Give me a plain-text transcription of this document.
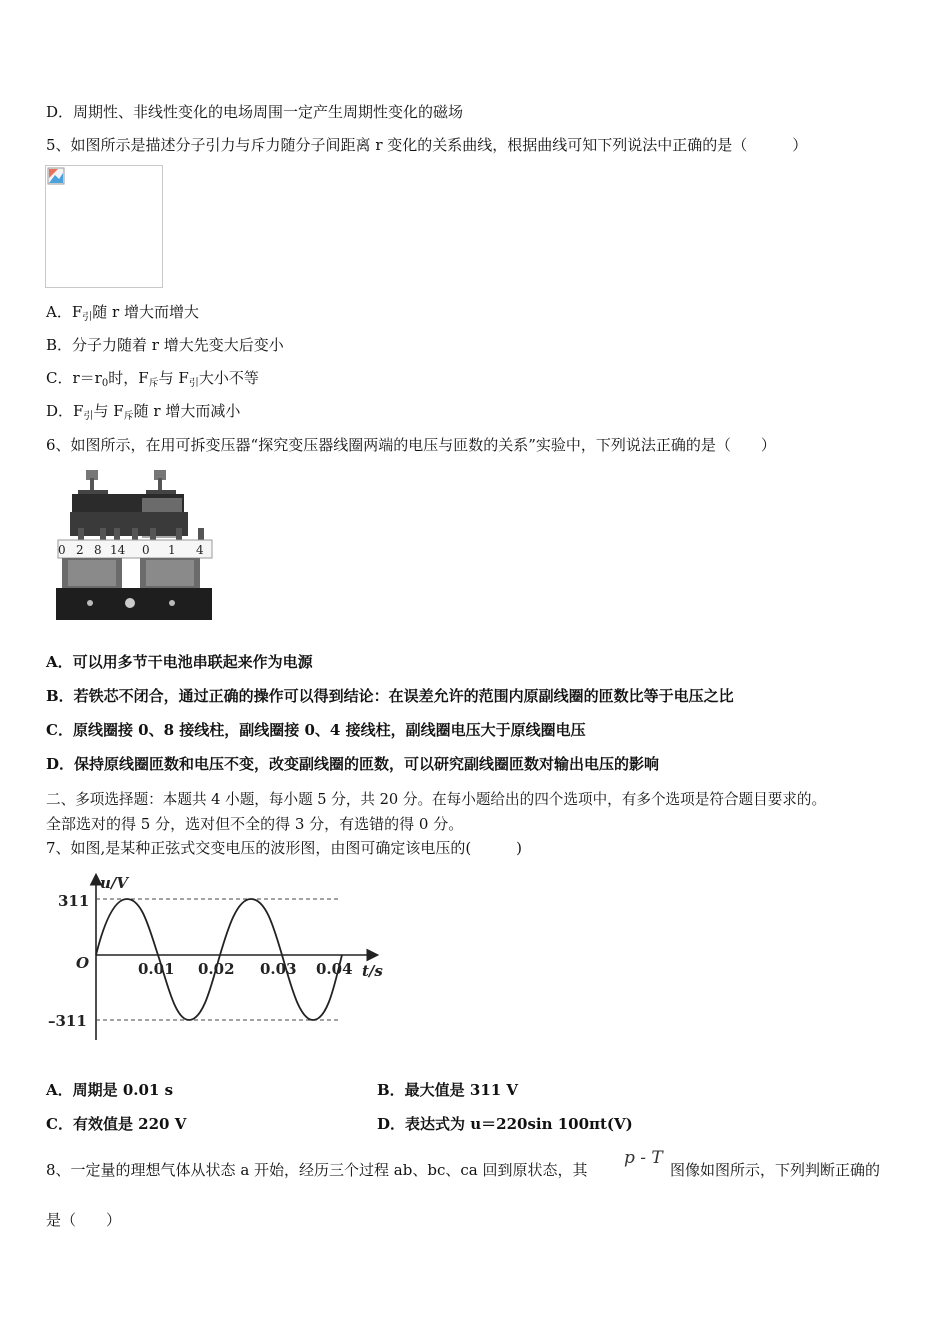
D．周期性、非线性变化的电场周围一定产生周期性变化的磁场
5、如图所示是描述分子引力与斥力随分子间距离 r 变化的关系曲线，根据曲线可知下列说法中正确的是（　　　）
A．$F_引$随 r 增大而增大
B．分子力随着 r 增大先变大后变小
C．$r=r_0$时，$F_斥$与 $F_引$大小不等
D．$F_引$与 $F_斥$随 r 增大而减小
6、如图所示，在用可拆变压器“探究变压器线圈两端的电压与匝数的关系”实验中，下列说法正确的是（　　）
0 2 8 14 0 1 4
A．可以用多节干电池串联起来作为电源
B．若铁芯不闭合，通过正确的操作可以得到结论：在误差允许的范围内原副线圈的匝数比等于电压之比
C．原线圈接 0、8 接线柱，副线圈接 0、4 接线柱，副线圈电压大于原线圈电压
D．保持原线圈匝数和电压不变，改变副线圈的匝数，可以研究副线圈匝数对输出电压的影响
二、多项选择题：本题共 4 小题，每小题 5 分，共 20 分。在每小题给出的四个选项中，有多个选项是符合题目要求的。
全部选对的得 5 分，选对但不全的得 3 分，有选错的得 0 分。
7、如图,是某种正弦式交变电压的波形图，由图可确定该电压的(　　　)
u/V
t/s
O
311
–311
0.01 0.02 0.03 0.04
A．周期是 0.01 s	B．最大值是 311 V
C．有效值是 220 V	D．表达式为 u＝220sin 100πt(V)
8、一定量的理想气体从状态 a 开始，经历三个过程 ab、bc、ca 回到原状态，其
p - T
图像如图所示，下列判断正确的
是（　　）
